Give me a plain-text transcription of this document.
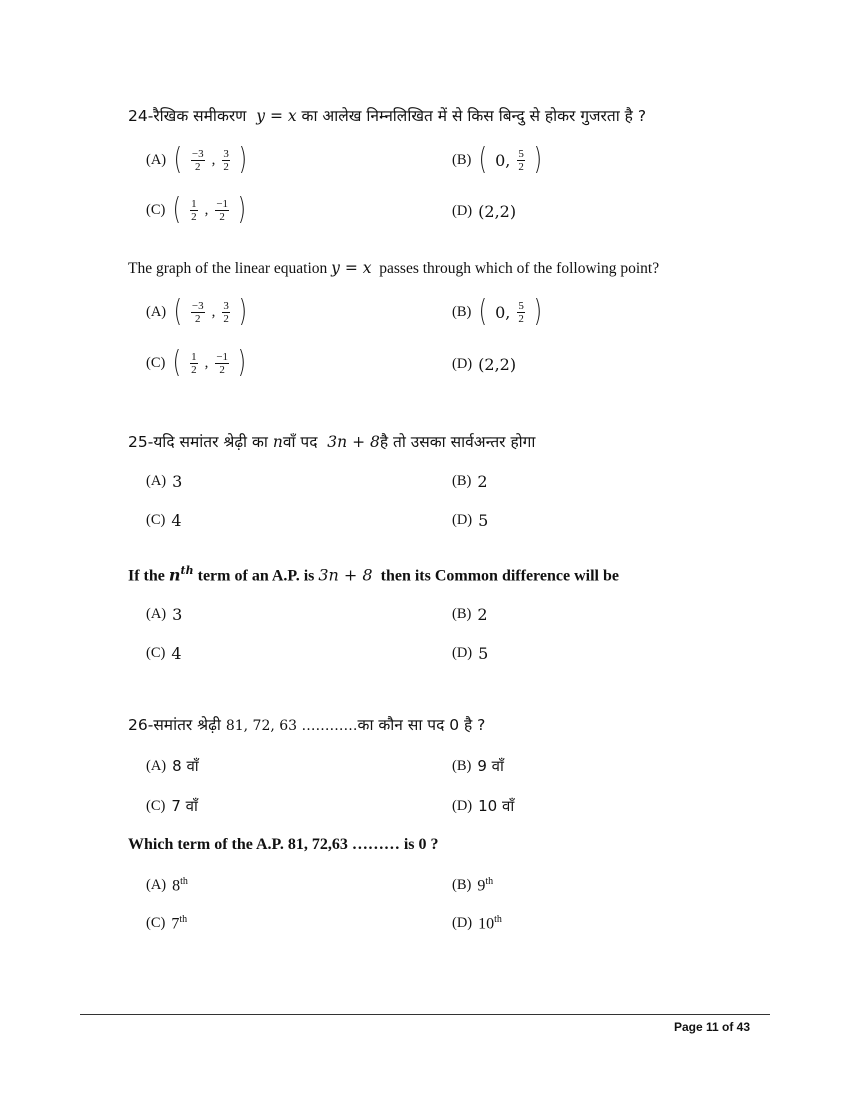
24-रैखिक समीकरण y = x का आलेख निम्नलिखित में से किस बिन्दु से होकर गुजरता है ?
(A) ( $\frac{-3}{2}$ , $\frac{3}{2}$ )	(B) ( 0, $\frac{5}{2}$ )
(C) ( $\frac{1}{2}$ , $\frac{-1}{2}$ )	(D) (2,2)
The graph of the linear equation y = x passes through which of the following point?
(A) ( $\frac{-3}{2}$ , $\frac{3}{2}$ )	(B) ( 0, $\frac{5}{2}$ )
(C) ( $\frac{1}{2}$ , $\frac{-1}{2}$ )	(D) (2,2)
25-यदि समांतर श्रेढ़ी का nवाँ पद 3n + 8है तो उसका सार्वअन्तर होगा
(A) 3	(B) 2
(C) 4	(D) 5
If the $n^{th}$ term of an A.P. is 3n + 8 then its Common difference will be
(A) 3	(B) 2
(C) 4	(D) 5
26-समांतर श्रेढ़ी 81, 72, 63 …………का कौन सा पद 0 है ?
(A) 8 वाँ	(B) 9 वाँ
(C) 7 वाँ	(D) 10 वाँ
Which term of the A.P. 81, 72,63 ……… is 0 ?
(A) 8th	(B) 9th
(C) 7th	(D) 10th
Page 11 of 43
